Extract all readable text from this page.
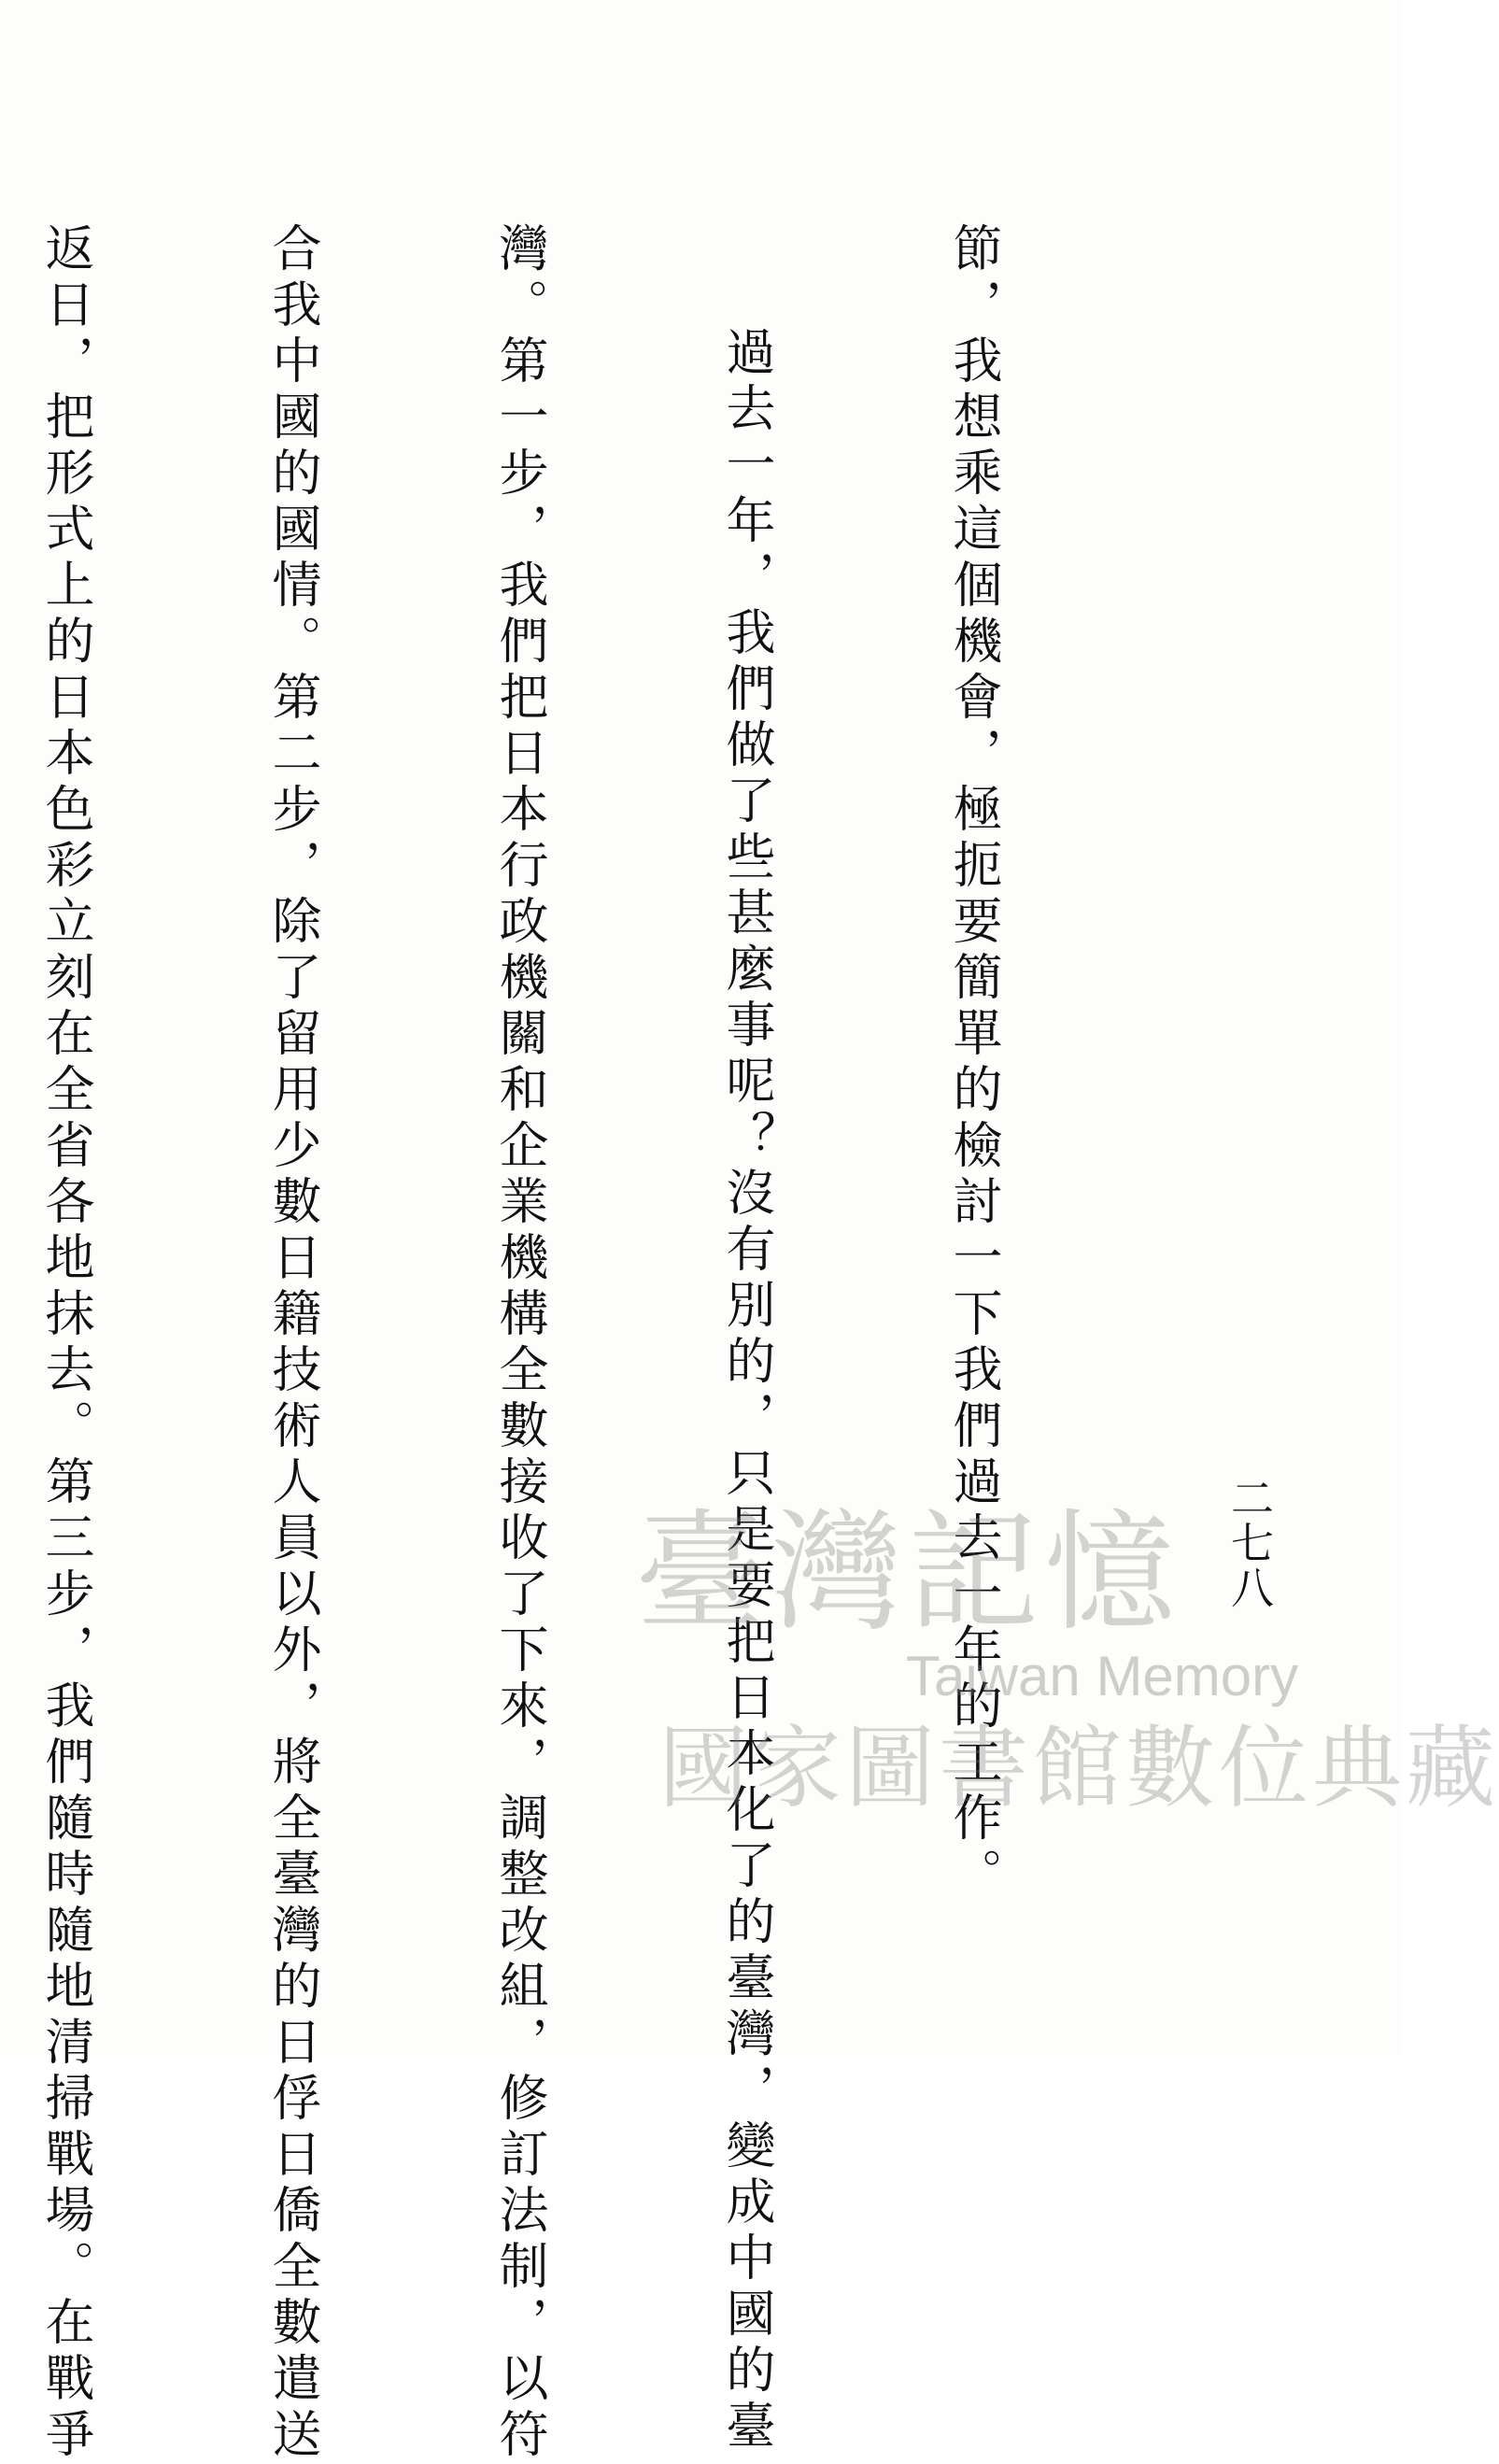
二七八

節，我想乘這個機會，極扼要簡單的檢討一下我們過去一年的工作。

過去一年，我們做了些甚麼事呢？沒有別的，只是要把日本化了的臺灣，變成中國的臺

灣。第一步，我們把日本行政機關和企業機構全數接收了下來，調整改組，修訂法制，以符

合我中國的國情。第二步，除了留用少數日籍技術人員以外，將全臺灣的日俘日僑全數遣送

返日，把形式上的日本色彩立刻在全省各地抹去。第三步，我們隨時隨地清掃戰場。在戰爭

	臺灣記憶
Taiwan Memory
國家圖書館數位典藏
